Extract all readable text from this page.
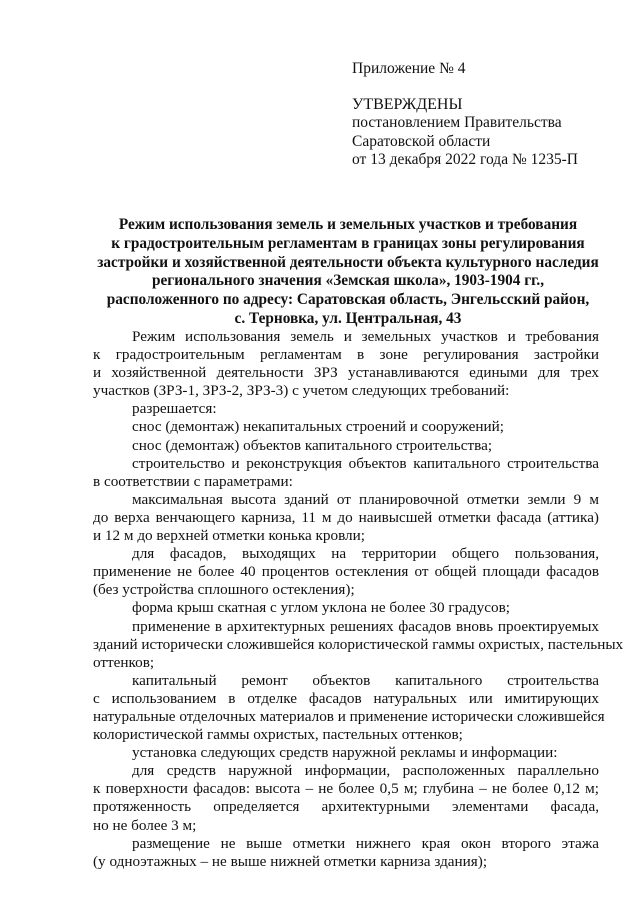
Приложение № 4
УТВЕРЖДЕНЫ
постановлением Правительства
Саратовской области
от 13 декабря 2022 года № 1235-П
Режим использования земель и земельных участков и требования
к градостроительным регламентам в границах зоны регулирования
застройки и хозяйственной деятельности объекта культурного наследия
регионального значения «Земская школа», 1903-1904 гг.,
расположенного по адресу: Саратовская область, Энгельсский район,
с. Терновка, ул. Центральная, 43
Режим использования земель и земельных участков и требования
к градостроительным регламентам в зоне регулирования застройки
и хозяйственной деятельности ЗРЗ устанавливаются едиными для трех
участков (ЗРЗ-1, ЗРЗ-2, ЗРЗ-3) с учетом следующих требований:
разрешается:
снос (демонтаж) некапитальных строений и сооружений;
снос (демонтаж) объектов капитального строительства;
строительство и реконструкция объектов капитального строительства
в соответствии с параметрами:
максимальная высота зданий от планировочной отметки земли 9 м
до верха венчающего карниза, 11 м до наивысшей отметки фасада (аттика)
и 12 м до верхней отметки конька кровли;
для фасадов, выходящих на территории общего пользования,
применение не более 40 процентов остекления от общей площади фасадов
(без устройства сплошного остекления);
форма крыш скатная с углом уклона не более 30 градусов;
применение в архитектурных решениях фасадов вновь проектируемых
зданий исторически сложившейся колористической гаммы охристых, пастельных
оттенков;
капитальный ремонт объектов капитального строительства
с использованием в отделке фасадов натуральных или имитирующих
натуральные отделочных материалов и применение исторически сложившейся
колористической гаммы охристых, пастельных оттенков;
установка следующих средств наружной рекламы и информации:
для средств наружной информации, расположенных параллельно
к поверхности фасадов: высота – не более 0,5 м; глубина – не более 0,12 м;
протяженность определяется архитектурными элементами фасада,
но не более 3 м;
размещение не выше отметки нижнего края окон второго этажа
(у одноэтажных – не выше нижней отметки карниза здания);
